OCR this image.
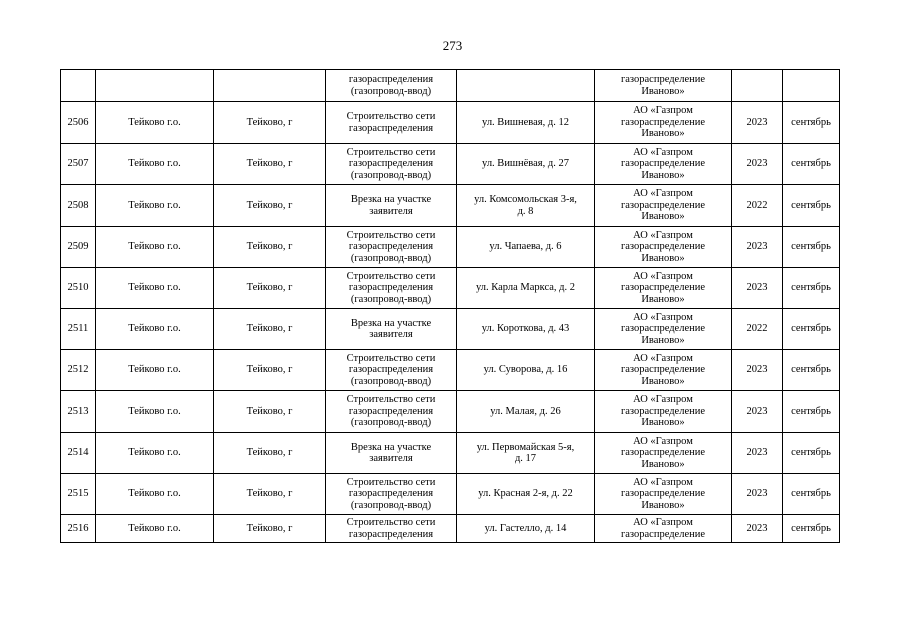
273
			газораспределения
(газопровод-ввод)		газораспределение
Иваново»		
2506	Тейково г.о.	Тейково, г	Строительство сети
газораспределения	ул. Вишневая, д. 12	АО «Газпром
газораспределение
Иваново»	2023	сентябрь
2507	Тейково г.о.	Тейково, г	Строительство сети
газораспределения
(газопровод-ввод)	ул. Вишнёвая, д. 27	АО «Газпром
газораспределение
Иваново»	2023	сентябрь
2508	Тейково г.о.	Тейково, г	Врезка на участке
заявителя	ул. Комсомольская 3-я,
д. 8	АО «Газпром
газораспределение
Иваново»	2022	сентябрь
2509	Тейково г.о.	Тейково, г	Строительство сети
газораспределения
(газопровод-ввод)	ул. Чапаева, д. 6	АО «Газпром
газораспределение
Иваново»	2023	сентябрь
2510	Тейково г.о.	Тейково, г	Строительство сети
газораспределения
(газопровод-ввод)	ул. Карла Маркса, д. 2	АО «Газпром
газораспределение
Иваново»	2023	сентябрь
2511	Тейково г.о.	Тейково, г	Врезка на участке
заявителя	ул. Короткова, д. 43	АО «Газпром
газораспределение
Иваново»	2022	сентябрь
2512	Тейково г.о.	Тейково, г	Строительство сети
газораспределения
(газопровод-ввод)	ул. Суворова, д. 16	АО «Газпром
газораспределение
Иваново»	2023	сентябрь
2513	Тейково г.о.	Тейково, г	Строительство сети
газораспределения
(газопровод-ввод)	ул. Малая, д. 26	АО «Газпром
газораспределение
Иваново»	2023	сентябрь
2514	Тейково г.о.	Тейково, г	Врезка на участке
заявителя	ул. Первомайская 5-я,
д. 17	АО «Газпром
газораспределение
Иваново»	2023	сентябрь
2515	Тейково г.о.	Тейково, г	Строительство сети
газораспределения
(газопровод-ввод)	ул. Красная 2-я, д. 22	АО «Газпром
газораспределение
Иваново»	2023	сентябрь
2516	Тейково г.о.	Тейково, г	Строительство сети
газораспределения	ул. Гастелло, д. 14	АО «Газпром
газораспределение	2023	сентябрь
